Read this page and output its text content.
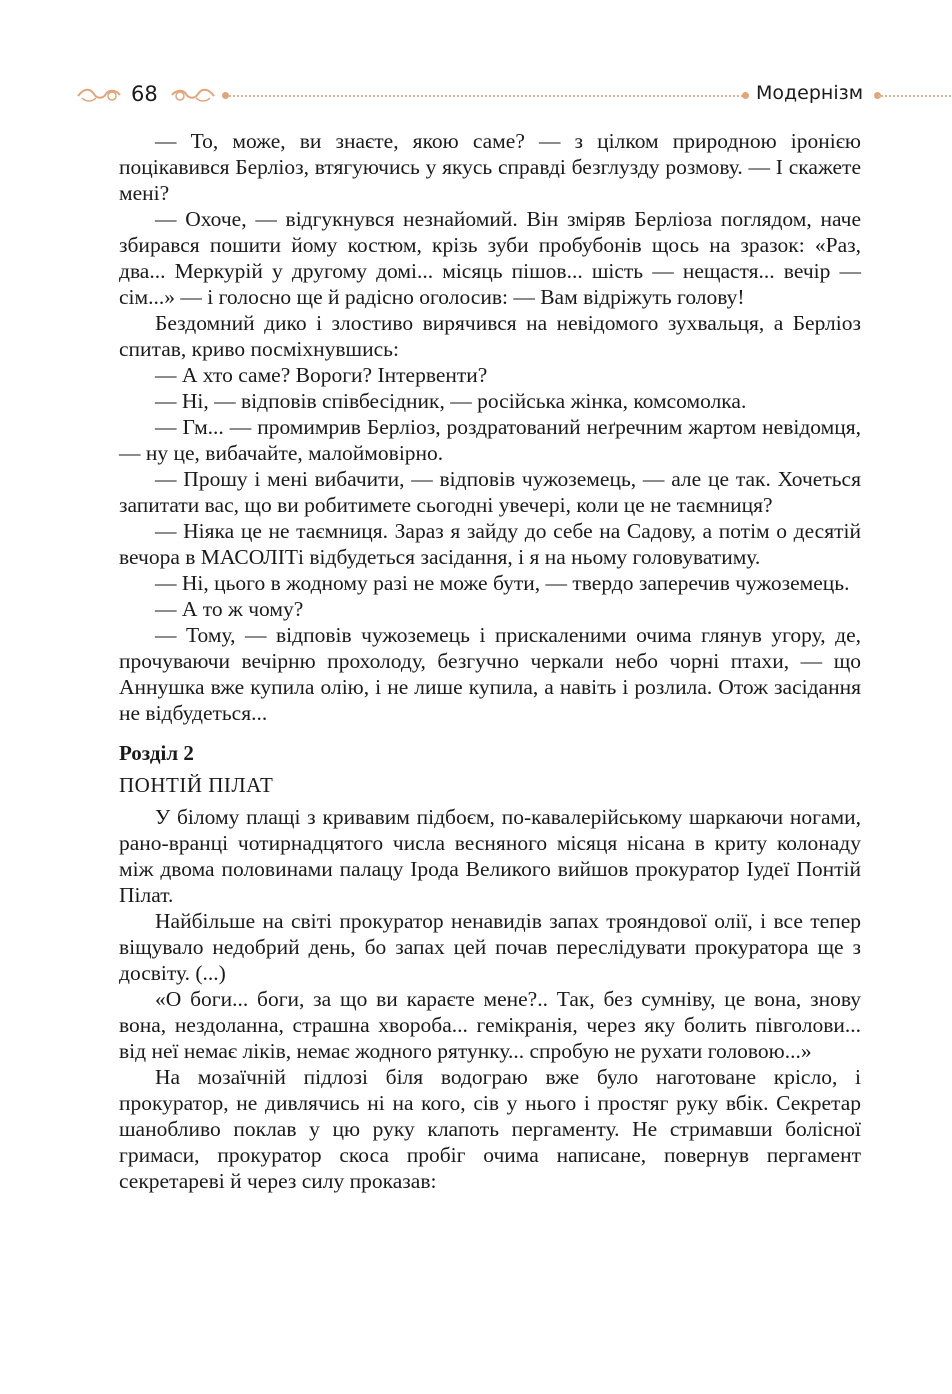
68	Модернізм

— То, може, ви знаєте, якою саме? — з цілком природною іронією поцікавився Берліоз, втягуючись у якусь справді безглузду розмову. — І скажете мені?

— Охоче, — відгукнувся незнайомий. Він зміряв Берліоза поглядом, наче збирався пошити йому костюм, крізь зуби пробубонів щось на зразок: «Раз, два... Меркурій у другому домі... місяць пішов... шість — нещастя... вечір — сім...» — і голосно ще й радісно оголосив: — Вам відріжуть голову!

Бездомний дико і злостиво вирячився на невідомого зухвальця, а Берліоз спитав, криво посміхнувшись:

— А хто саме? Вороги? Інтервенти?

— Ні, — відповів співбесідник, — російська жінка, комсомолка.

— Гм... — промимрив Берліоз, роздратований неґречним жартом невідомця, — ну це, вибачайте, малоймовірно.

— Прошу і мені вибачити, — відповів чужоземець, — але це так. Хочеться запитати вас, що ви робитимете сьогодні увечері, коли це не таємниця?

— Ніяка це не таємниця. Зараз я зайду до себе на Садову, а потім о десятій вечора в МАСОЛІТі відбудеться засідання, і я на ньому головуватиму.

— Ні, цього в жодному разі не може бути, — твердо заперечив чужоземець.

— А то ж чому?

— Тому, — відповів чужоземець і прискаленими очима глянув угору, де, прочуваючи вечірню прохолоду, безгучно черкали небо чорні птахи, — що Аннушка вже купила олію, і не лише купила, а навіть і розлила. Отож засідання не відбудеться...

Розділ 2

ПОНТІЙ ПІЛАТ

У білому плащі з кривавим підбоєм, по-кавалерійському шаркаючи ногами, рано-вранці чотирнадцятого числа весняного місяця нісана в криту колонаду між двома половинами палацу Ірода Великого вийшов прокуратор Іудеї Понтій Пілат.

Найбільше на світі прокуратор ненавидів запах трояндової олії, і все тепер віщувало недобрий день, бо запах цей почав переслідувати прокуратора ще з досвіту. (...)

«О боги... боги, за що ви караєте мене?.. Так, без сумніву, це вона, знову вона, нездоланна, страшна хвороба... гемікранія, через яку болить півголови... від неї немає ліків, немає жодного рятунку... спробую не рухати головою...»

На мозаїчній підлозі біля водограю вже було наготоване крісло, і прокуратор, не дивлячись ні на кого, сів у нього і простяг руку вбік. Секретар шанобливо поклав у цю руку клапоть пергаменту. Не стримавши болісної гримаси, прокуратор скоса пробіг очима написане, повернув пергамент секретареві й через силу проказав:
